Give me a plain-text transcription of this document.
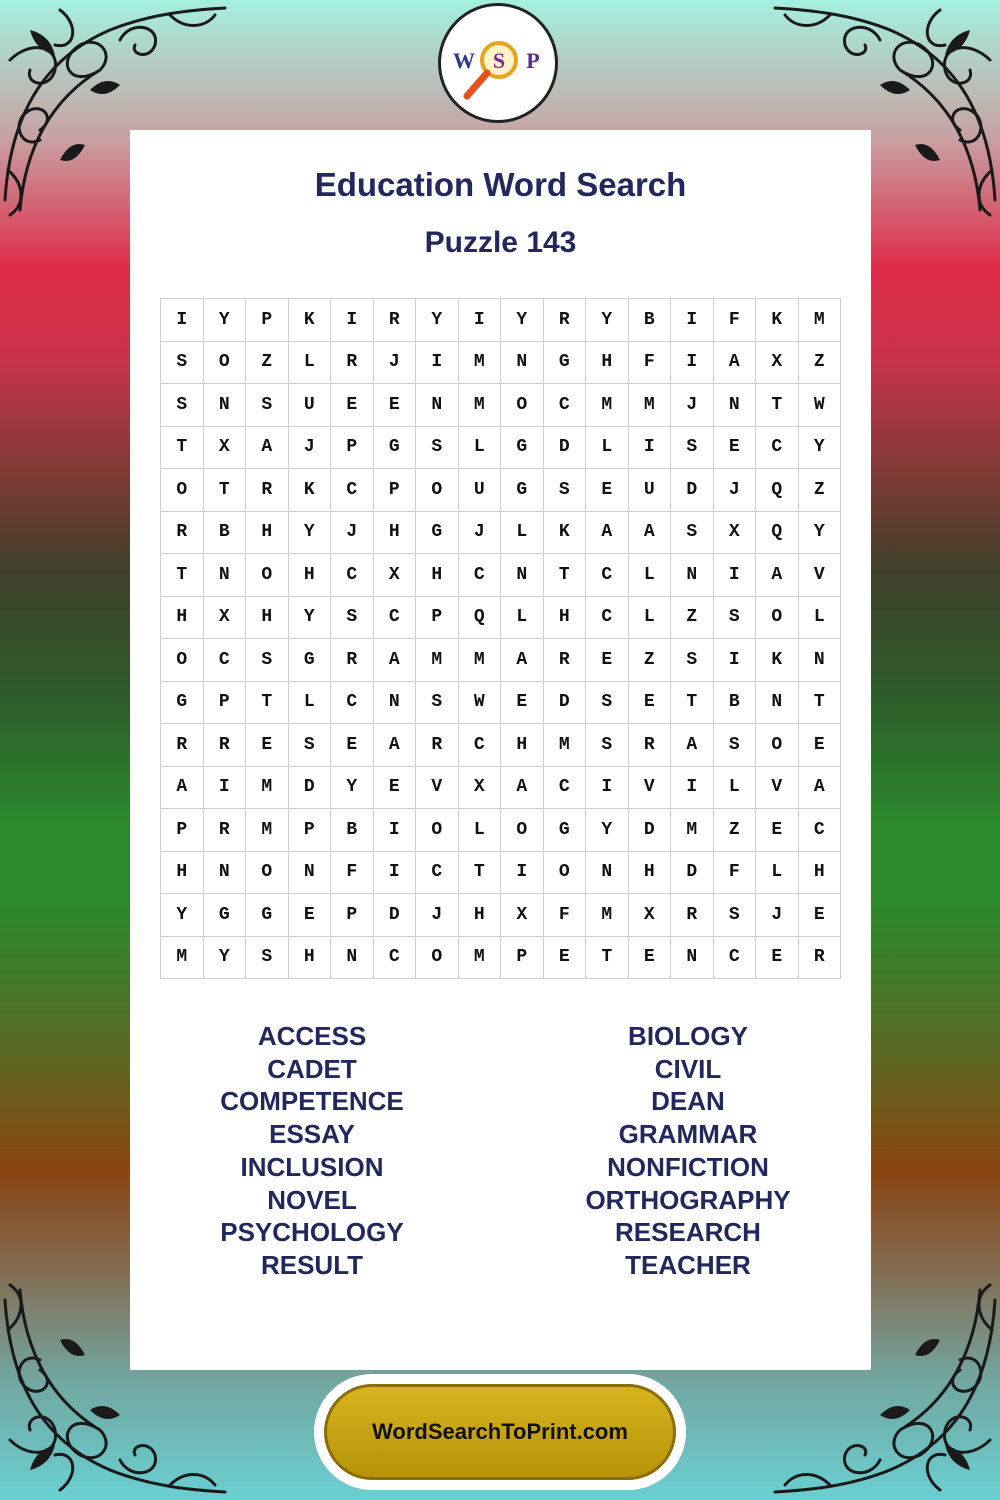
W S P
Education Word Search
Puzzle 143
I	Y	P	K	I	R	Y	I	Y	R	Y	B	I	F	K	M
S	O	Z	L	R	J	I	M	N	G	H	F	I	A	X	Z
S	N	S	U	E	E	N	M	O	C	M	M	J	N	T	W
T	X	A	J	P	G	S	L	G	D	L	I	S	E	C	Y
O	T	R	K	C	P	O	U	G	S	E	U	D	J	Q	Z
R	B	H	Y	J	H	G	J	L	K	A	A	S	X	Q	Y
T	N	O	H	C	X	H	C	N	T	C	L	N	I	A	V
H	X	H	Y	S	C	P	Q	L	H	C	L	Z	S	O	L
O	C	S	G	R	A	M	M	A	R	E	Z	S	I	K	N
G	P	T	L	C	N	S	W	E	D	S	E	T	B	N	T
R	R	E	S	E	A	R	C	H	M	S	R	A	S	O	E
A	I	M	D	Y	E	V	X	A	C	I	V	I	L	V	A
P	R	M	P	B	I	O	L	O	G	Y	D	M	Z	E	C
H	N	O	N	F	I	C	T	I	O	N	H	D	F	L	H
Y	G	G	E	P	D	J	H	X	F	M	X	R	S	J	E
M	Y	S	H	N	C	O	M	P	E	T	E	N	C	E	R
ACCESS
CADET
COMPETENCE
ESSAY
INCLUSION
NOVEL
PSYCHOLOGY
RESULT
BIOLOGY
CIVIL
DEAN
GRAMMAR
NONFICTION
ORTHOGRAPHY
RESEARCH
TEACHER
WordSearchToPrint.com
